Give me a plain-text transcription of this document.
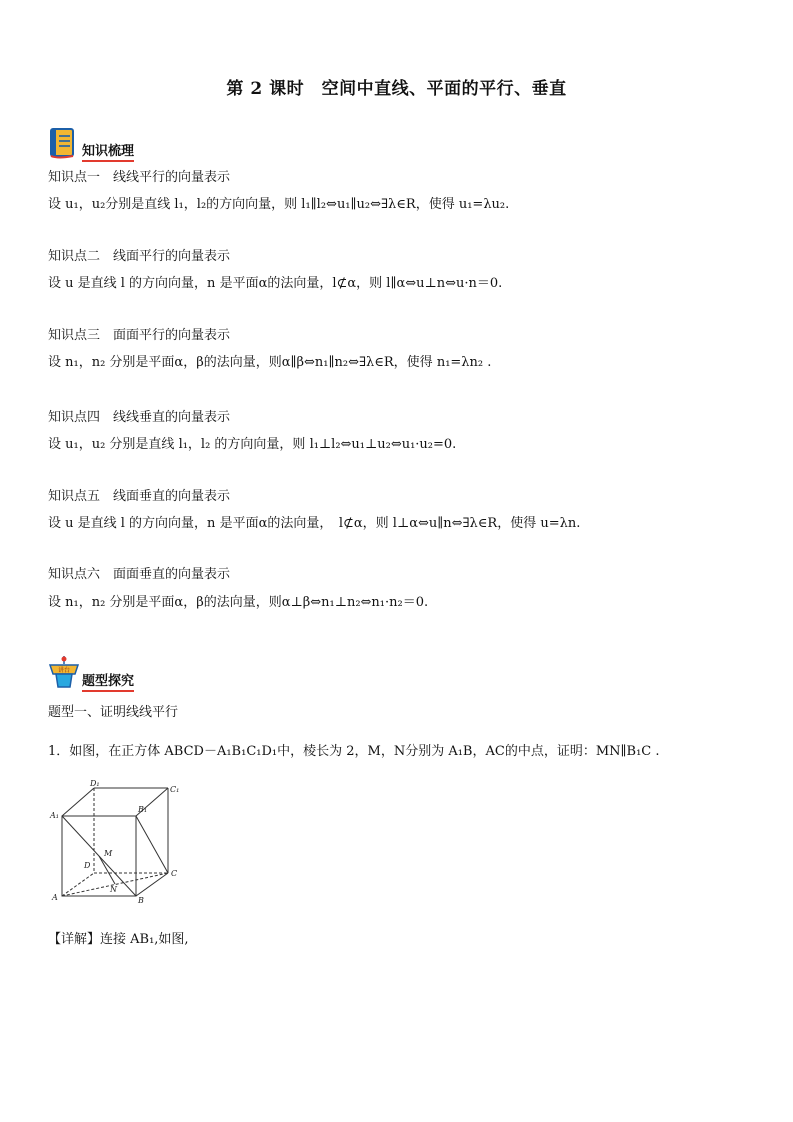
第 2 课时　空间中直线、平面的平行、垂直
知识梳理
知识点一　线线平行的向量表示
设 u₁，u₂分别是直线 l₁，l₂的方向向量，则 l₁∥l₂⇔u₁∥u₂⇔∃λ∈R，使得 u₁=λu₂.
知识点二　线面平行的向量表示
设 u 是直线 l 的方向向量，n 是平面α的法向量，l⊄α，则 l∥α⇔u⊥n⇔u·n＝0.
知识点三　面面平行的向量表示
设 n₁，n₂ 分别是平面α，β的法向量，则α∥β⇔n₁∥n₂⇔∃λ∈R，使得 n₁=λn₂ .
知识点四　线线垂直的向量表示
设 u₁，u₂ 分别是直线 l₁，l₂ 的方向向量，则 l₁⊥l₂⇔u₁⊥u₂⇔u₁·u₂=0.
知识点五　线面垂直的向量表示
设 u 是直线 l 的方向向量，n 是平面α的法向量，　l⊄α，则 l⊥α⇔u∥n⇔∃λ∈R，使得 u=λn.
知识点六　面面垂直的向量表示
设 n₁，n₂ 分别是平面α，β的法向量，则α⊥β⇔n₁⊥n₂⇔n₁·n₂＝0.
讲台
题型探究
题型一、证明线线平行
1．如图，在正方体 ABCD－A₁B₁C₁D₁中，棱长为 2，M，N分别为 A₁B，AC的中点，证明：MN∥B₁C .
D₁
C₁
A₁
B₁
D
C
A	B
M
N
【详解】连接 AB₁,如图,
